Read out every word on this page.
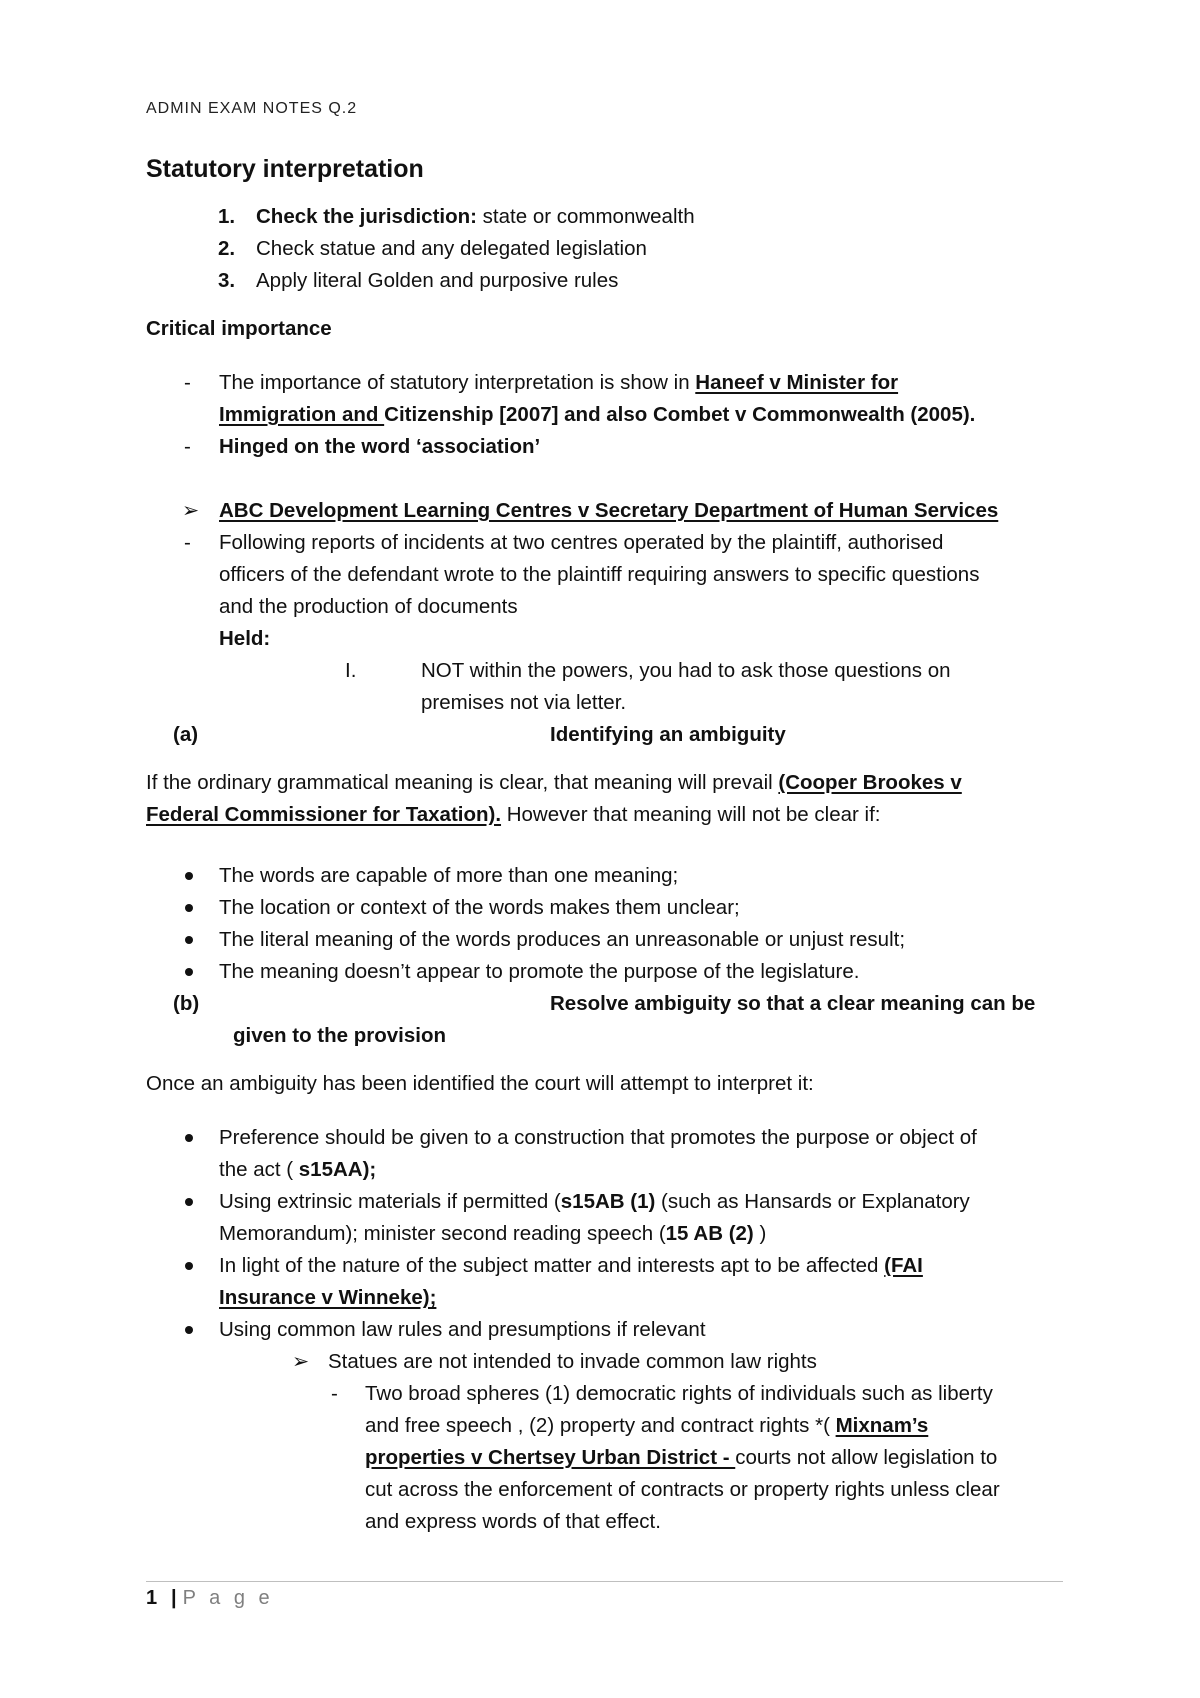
ADMIN EXAM NOTES Q.2
Statutory interpretation
1. Check the jurisdiction: state or commonwealth
2. Check statue and any delegated legislation
3. Apply literal Golden and purposive rules
Critical importance
- The importance of statutory interpretation is show in Haneef v Minister for
Immigration and Citizenship [2007] and also Combet v Commonwealth (2005).
- Hinged on the word ‘association’
➢ ABC Development Learning Centres v Secretary Department of Human Services
- Following reports of incidents at two centres operated by the plaintiff, authorised
officers of the defendant wrote to the plaintiff requiring answers to specific questions
and the production of documents
Held:
I.	NOT within the powers, you had to ask those questions on
premises not via letter.
(a)	Identifying an ambiguity
If the ordinary grammatical meaning is clear, that meaning will prevail (Cooper Brookes v
Federal Commissioner for Taxation). However that meaning will not be clear if:
The words are capable of more than one meaning;
The location or context of the words makes them unclear;
The literal meaning of the words produces an unreasonable or unjust result;
The meaning doesn’t appear to promote the purpose of the legislature.
(b)	Resolve ambiguity so that a clear meaning can be
given to the provision
Once an ambiguity has been identified the court will attempt to interpret it:
Preference should be given to a construction that promotes the purpose or object of
the act ( s15AA);
Using extrinsic materials if permitted (s15AB (1) (such as Hansards or Explanatory
Memorandum); minister second reading speech (15 AB (2) )
In light of the nature of the subject matter and interests apt to be affected (FAI
Insurance v Winneke);
Using common law rules and presumptions if relevant
➢ Statues are not intended to invade common law rights
- Two broad spheres (1) democratic rights of individuals such as liberty
and free speech , (2) property and contract rights *( Mixnam’s
properties v Chertsey Urban District - courts not allow legislation to
cut across the enforcement of contracts or property rights unless clear
and express words of that effect.
1 | P a g e
